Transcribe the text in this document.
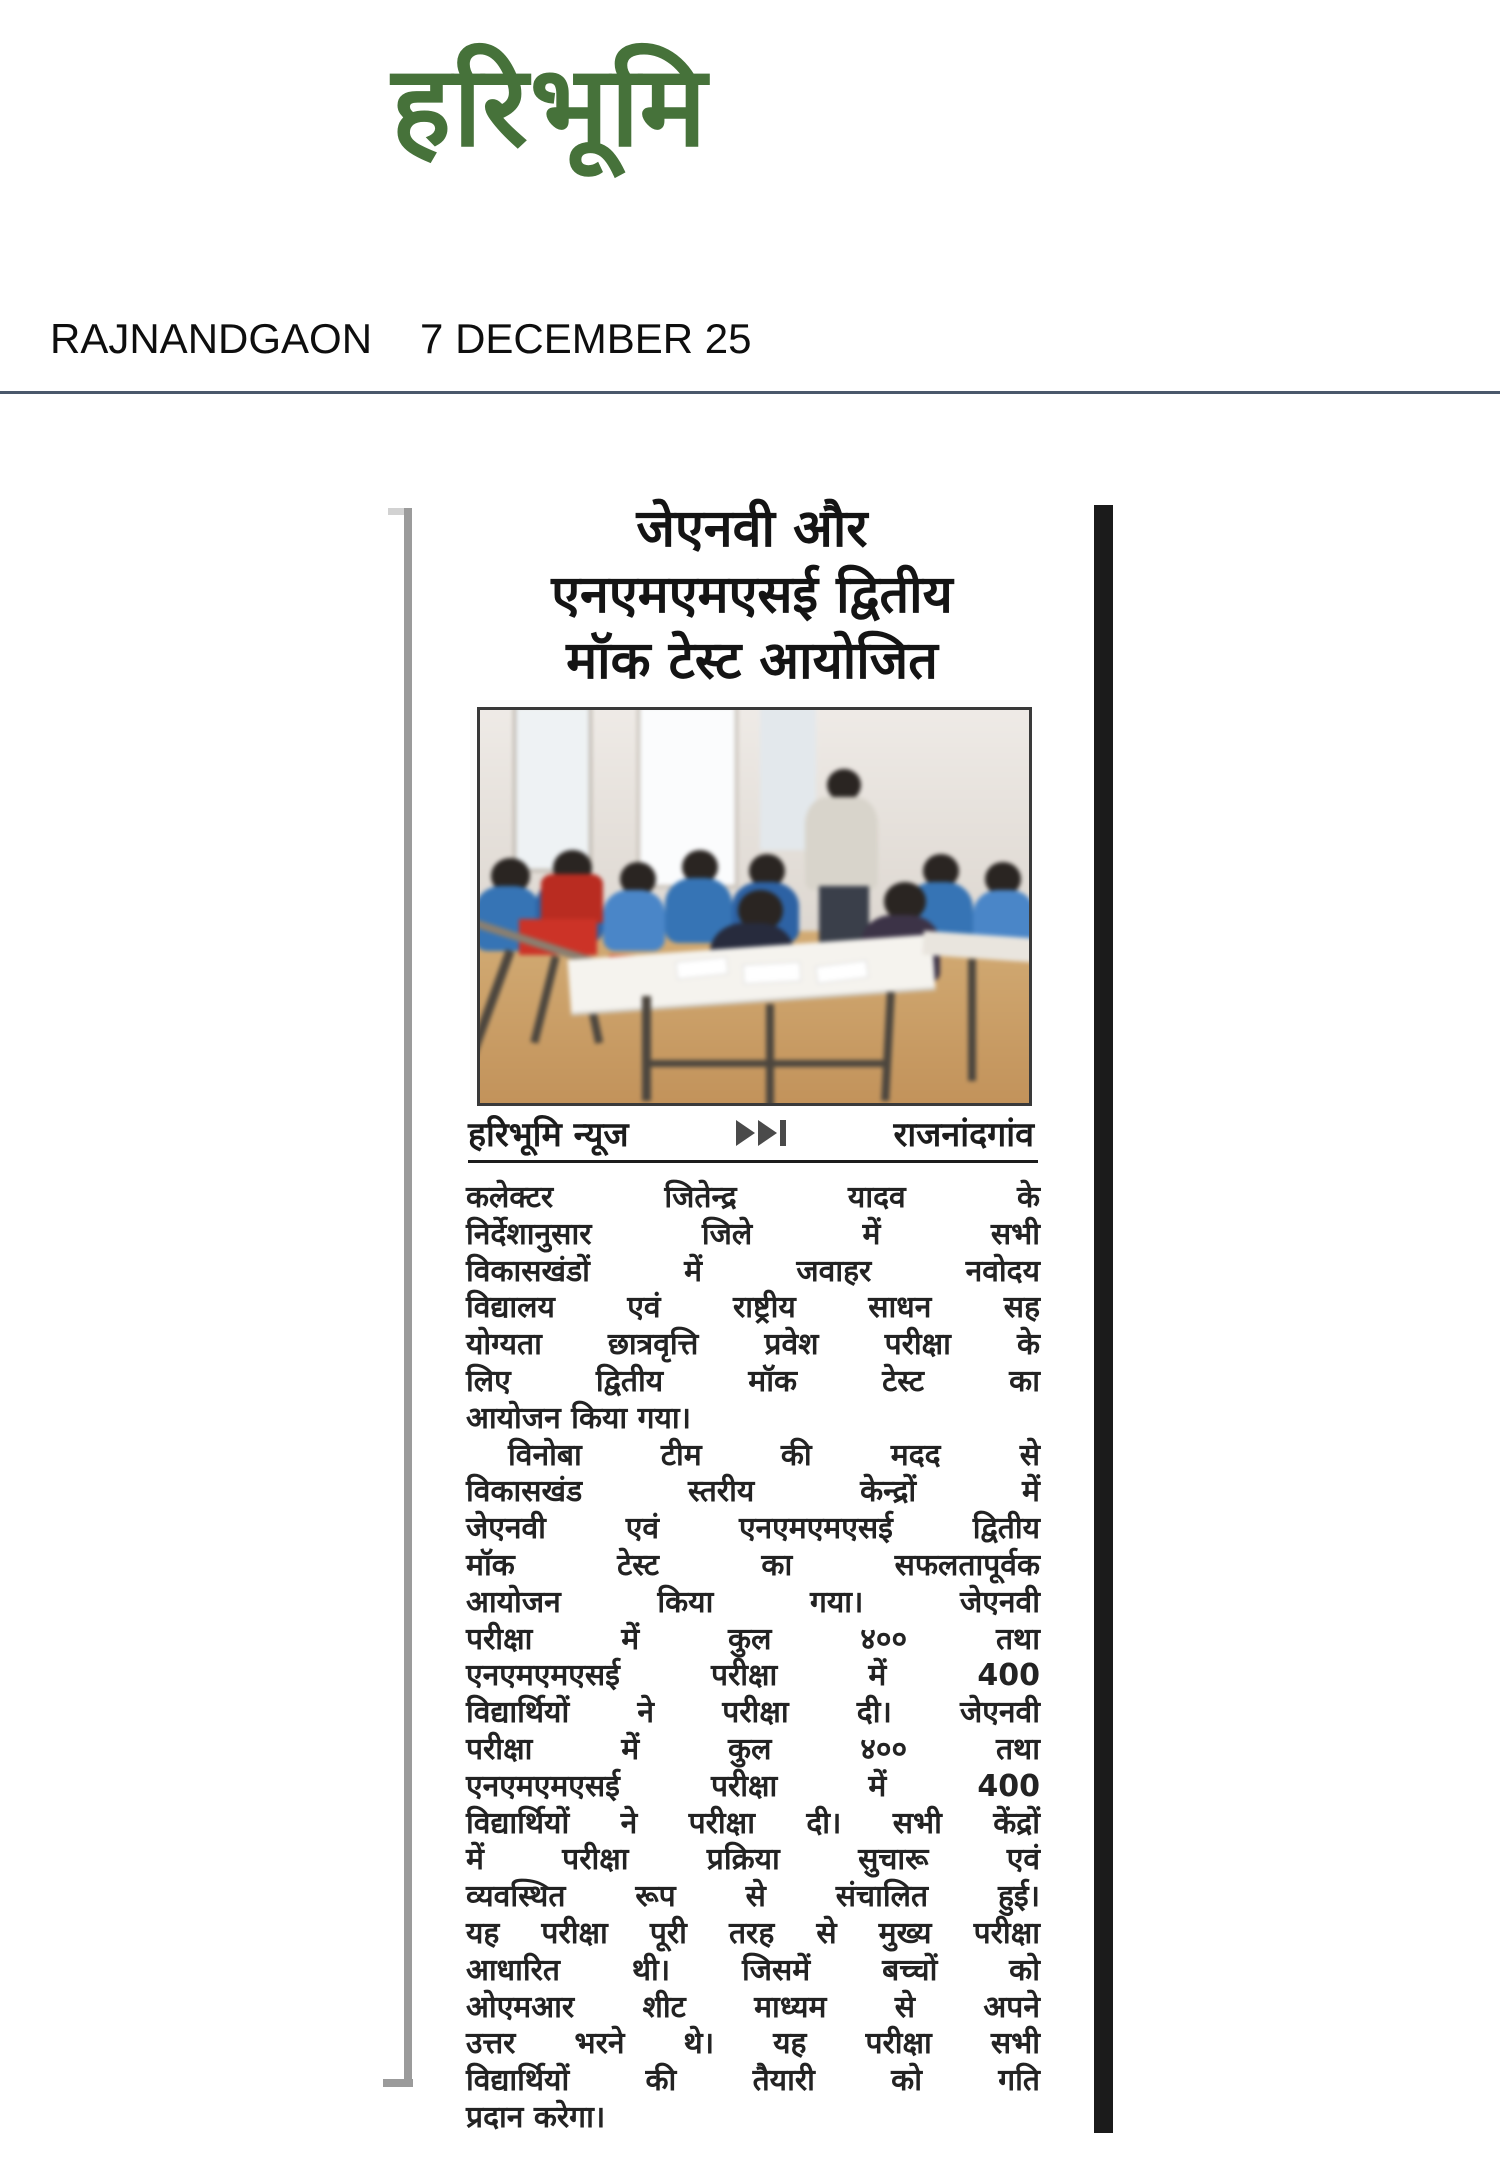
हरिभूमि
RAJNANDGAON 7 DECEMBER 25
जेएनवी और
एनएमएमएसई द्वितीय
मॉक टेस्ट आयोजित
हरिभूमि न्यूज	राजनांदगांव
कलेक्टर जितेन्द्र यादव के
निर्देशानुसार जिले में सभी
विकासखंडों में जवाहर नवोदय
विद्यालय एवं राष्ट्रीय साधन सह
योग्यता छात्रवृत्ति प्रवेश परीक्षा के
लिए द्वितीय मॉक टेस्ट का
आयोजन किया गया।
विनोबा टीम की मदद से
विकासखंड स्तरीय केन्द्रों में
जेएनवी एवं एनएमएमएसई द्वितीय
मॉक टेस्ट का सफलतापूर्वक
आयोजन किया गया। जेएनवी
परीक्षा में कुल ४०० तथा
एनएमएमएसई परीक्षा में 400
विद्यार्थियों ने परीक्षा दी। जेएनवी
परीक्षा में कुल ४०० तथा
एनएमएमएसई परीक्षा में 400
विद्यार्थियों ने परीक्षा दी। सभी केंद्रों
में परीक्षा प्रक्रिया सुचारू एवं
व्यवस्थित रूप से संचालित हुई।
यह परीक्षा पूरी तरह से मुख्य परीक्षा
आधारित थी। जिसमें बच्चों को
ओएमआर शीट माध्यम से अपने
उत्तर भरने थे। यह परीक्षा सभी
विद्यार्थियों की तैयारी को गति
प्रदान करेगा।
